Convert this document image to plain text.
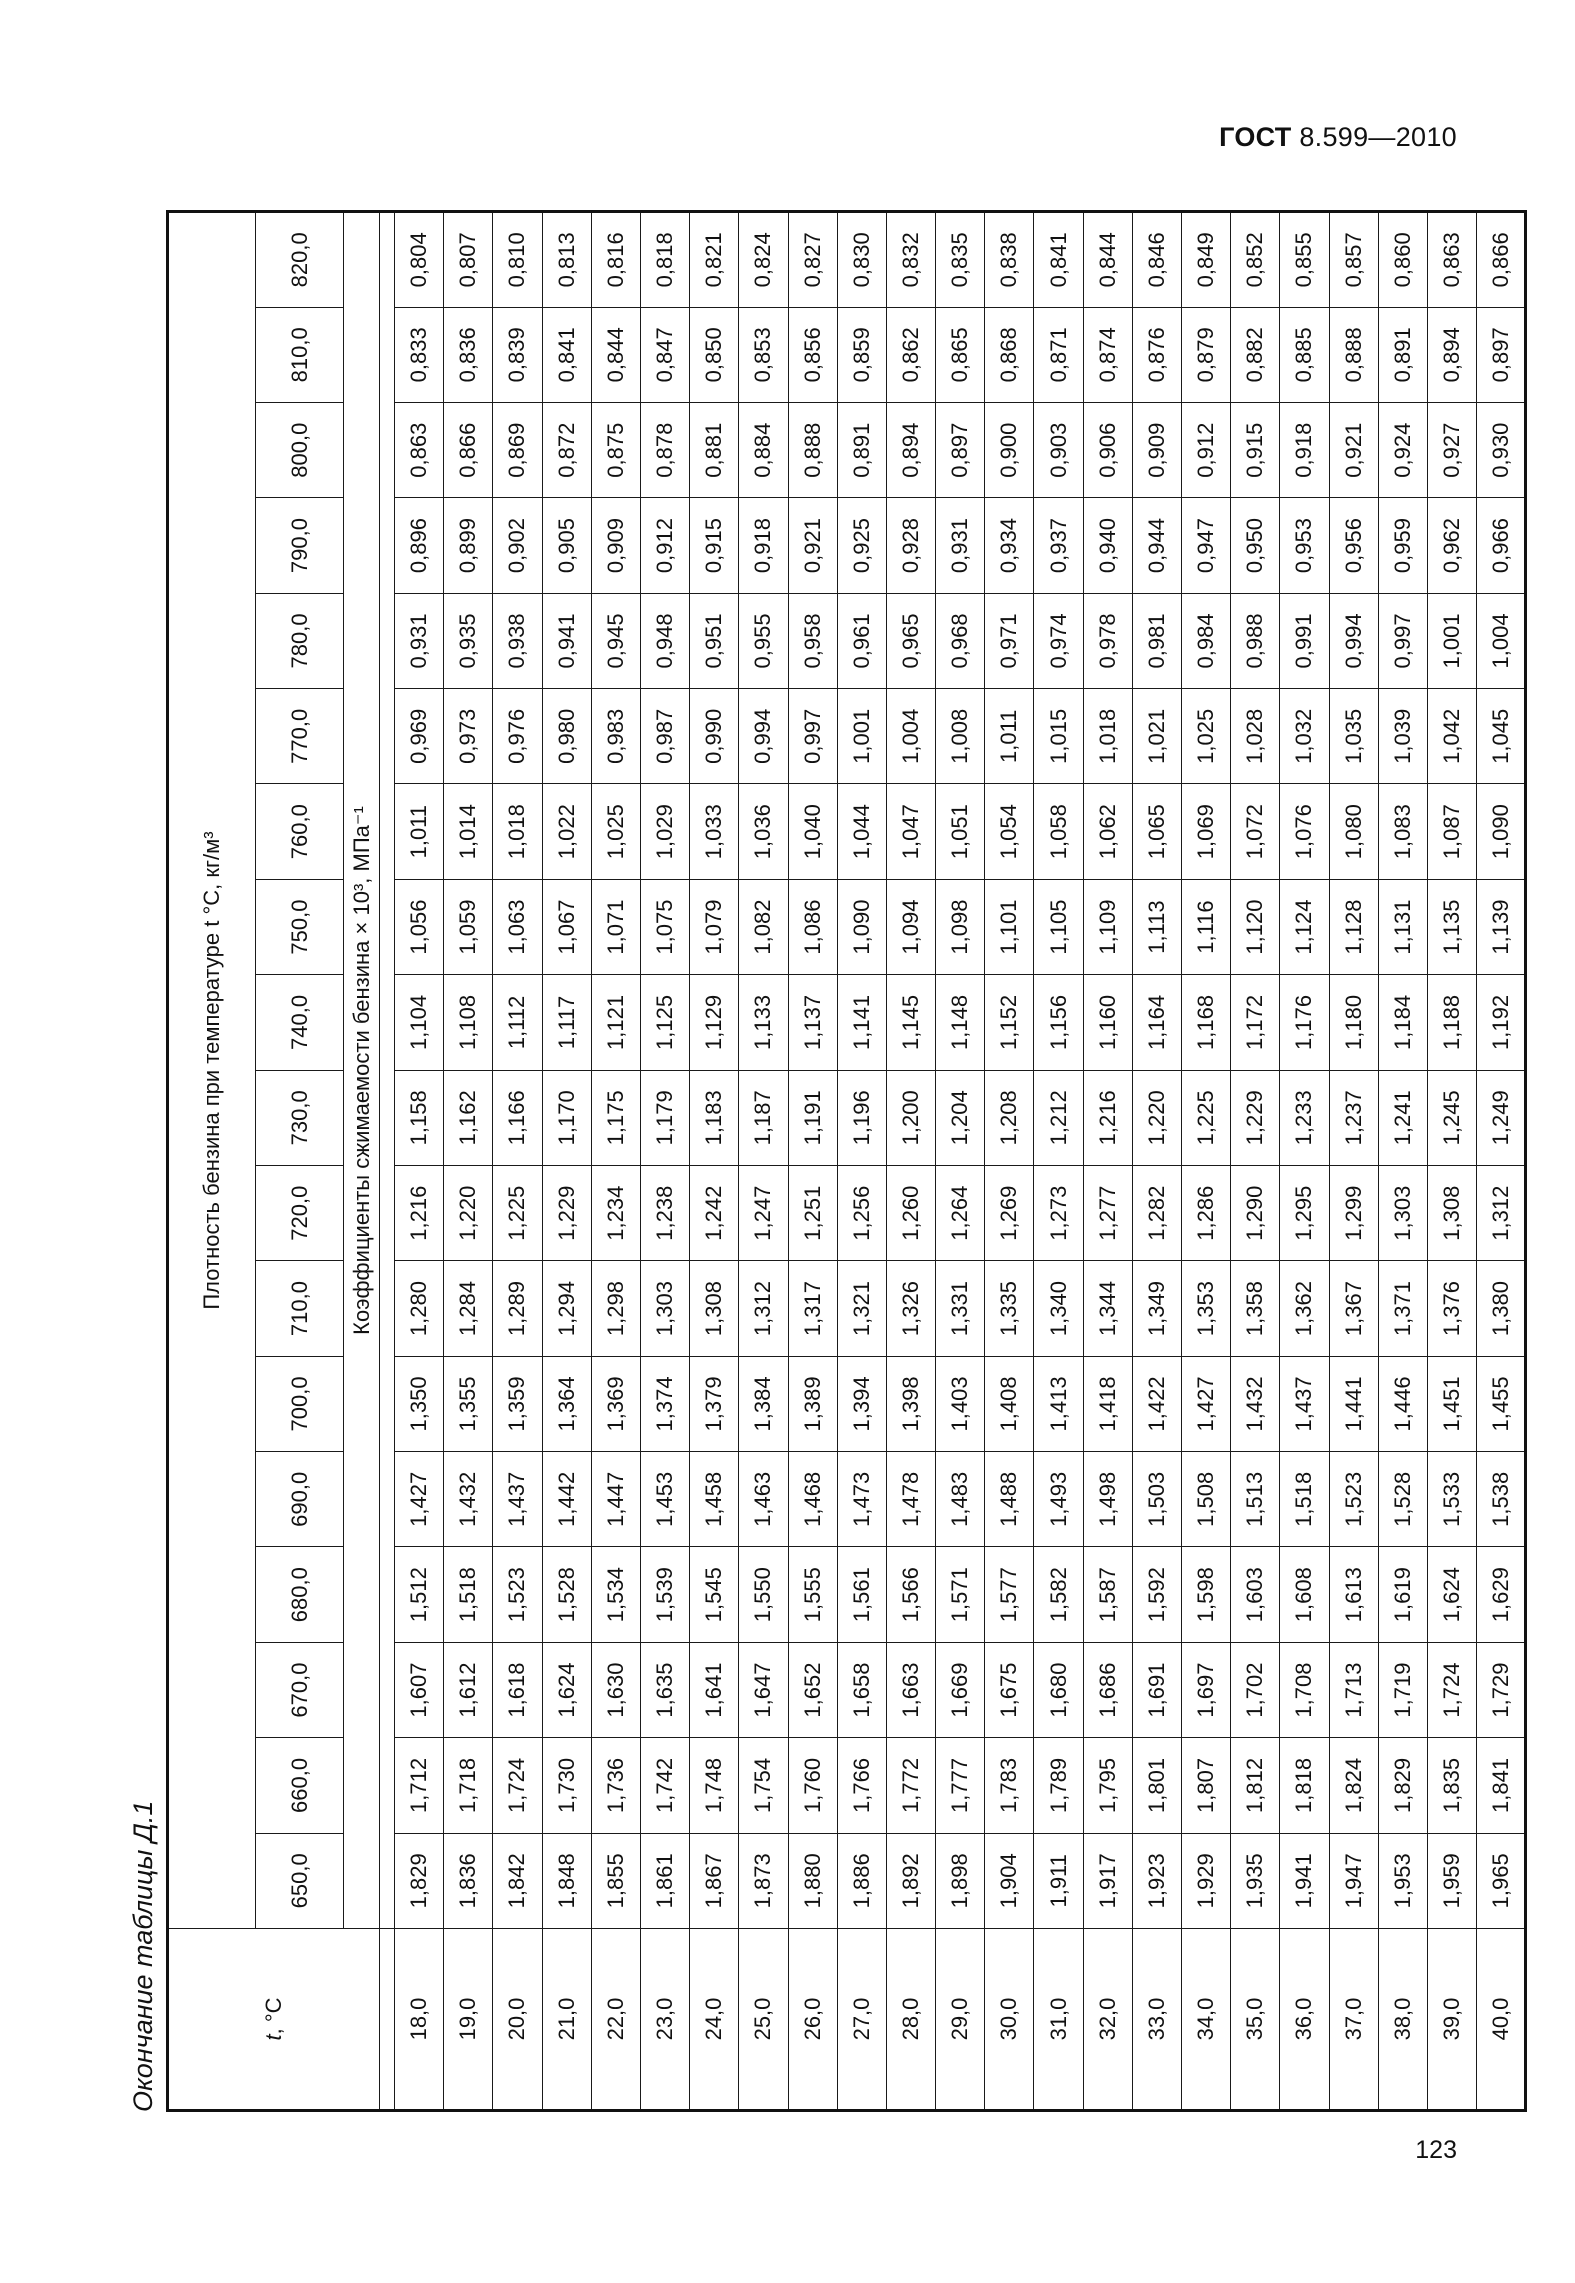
ГОСТ 8.599—2010
Окончание таблицы Д.1	t, °С	Плотность бензина при температуре t °С, кг/м³																	
	650,0	660,0	670,0	680,0	690,0	700,0	710,0	720,0	730,0	740,0	750,0	760,0	770,0	780,0	790,0	800,0	810,0	820,0
	Коэффициенты сжимаемости бензина × 10³, МПа⁻¹																	

18,0	1,829	1,712	1,607	1,512	1,427	1,350	1,280	1,216	1,158	1,104	1,056	1,011	0,969	0,931	0,896	0,863	0,833	0,804
19,0	1,836	1,718	1,612	1,518	1,432	1,355	1,284	1,220	1,162	1,108	1,059	1,014	0,973	0,935	0,899	0,866	0,836	0,807
20,0	1,842	1,724	1,618	1,523	1,437	1,359	1,289	1,225	1,166	1,112	1,063	1,018	0,976	0,938	0,902	0,869	0,839	0,810
21,0	1,848	1,730	1,624	1,528	1,442	1,364	1,294	1,229	1,170	1,117	1,067	1,022	0,980	0,941	0,905	0,872	0,841	0,813
22,0	1,855	1,736	1,630	1,534	1,447	1,369	1,298	1,234	1,175	1,121	1,071	1,025	0,983	0,945	0,909	0,875	0,844	0,816
23,0	1,861	1,742	1,635	1,539	1,453	1,374	1,303	1,238	1,179	1,125	1,075	1,029	0,987	0,948	0,912	0,878	0,847	0,818
24,0	1,867	1,748	1,641	1,545	1,458	1,379	1,308	1,242	1,183	1,129	1,079	1,033	0,990	0,951	0,915	0,881	0,850	0,821
25,0	1,873	1,754	1,647	1,550	1,463	1,384	1,312	1,247	1,187	1,133	1,082	1,036	0,994	0,955	0,918	0,884	0,853	0,824
26,0	1,880	1,760	1,652	1,555	1,468	1,389	1,317	1,251	1,191	1,137	1,086	1,040	0,997	0,958	0,921	0,888	0,856	0,827
27,0	1,886	1,766	1,658	1,561	1,473	1,394	1,321	1,256	1,196	1,141	1,090	1,044	1,001	0,961	0,925	0,891	0,859	0,830
28,0	1,892	1,772	1,663	1,566	1,478	1,398	1,326	1,260	1,200	1,145	1,094	1,047	1,004	0,965	0,928	0,894	0,862	0,832
29,0	1,898	1,777	1,669	1,571	1,483	1,403	1,331	1,264	1,204	1,148	1,098	1,051	1,008	0,968	0,931	0,897	0,865	0,835
30,0	1,904	1,783	1,675	1,577	1,488	1,408	1,335	1,269	1,208	1,152	1,101	1,054	1,011	0,971	0,934	0,900	0,868	0,838
31,0	1,911	1,789	1,680	1,582	1,493	1,413	1,340	1,273	1,212	1,156	1,105	1,058	1,015	0,974	0,937	0,903	0,871	0,841
32,0	1,917	1,795	1,686	1,587	1,498	1,418	1,344	1,277	1,216	1,160	1,109	1,062	1,018	0,978	0,940	0,906	0,874	0,844
33,0	1,923	1,801	1,691	1,592	1,503	1,422	1,349	1,282	1,220	1,164	1,113	1,065	1,021	0,981	0,944	0,909	0,876	0,846
34,0	1,929	1,807	1,697	1,598	1,508	1,427	1,353	1,286	1,225	1,168	1,116	1,069	1,025	0,984	0,947	0,912	0,879	0,849
35,0	1,935	1,812	1,702	1,603	1,513	1,432	1,358	1,290	1,229	1,172	1,120	1,072	1,028	0,988	0,950	0,915	0,882	0,852
36,0	1,941	1,818	1,708	1,608	1,518	1,437	1,362	1,295	1,233	1,176	1,124	1,076	1,032	0,991	0,953	0,918	0,885	0,855
37,0	1,947	1,824	1,713	1,613	1,523	1,441	1,367	1,299	1,237	1,180	1,128	1,080	1,035	0,994	0,956	0,921	0,888	0,857
38,0	1,953	1,829	1,719	1,619	1,528	1,446	1,371	1,303	1,241	1,184	1,131	1,083	1,039	0,997	0,959	0,924	0,891	0,860
39,0	1,959	1,835	1,724	1,624	1,533	1,451	1,376	1,308	1,245	1,188	1,135	1,087	1,042	1,001	0,962	0,927	0,894	0,863
40,0	1,965	1,841	1,729	1,629	1,538	1,455	1,380	1,312	1,249	1,192	1,139	1,090	1,045	1,004	0,966	0,930	0,897	0,866
123
